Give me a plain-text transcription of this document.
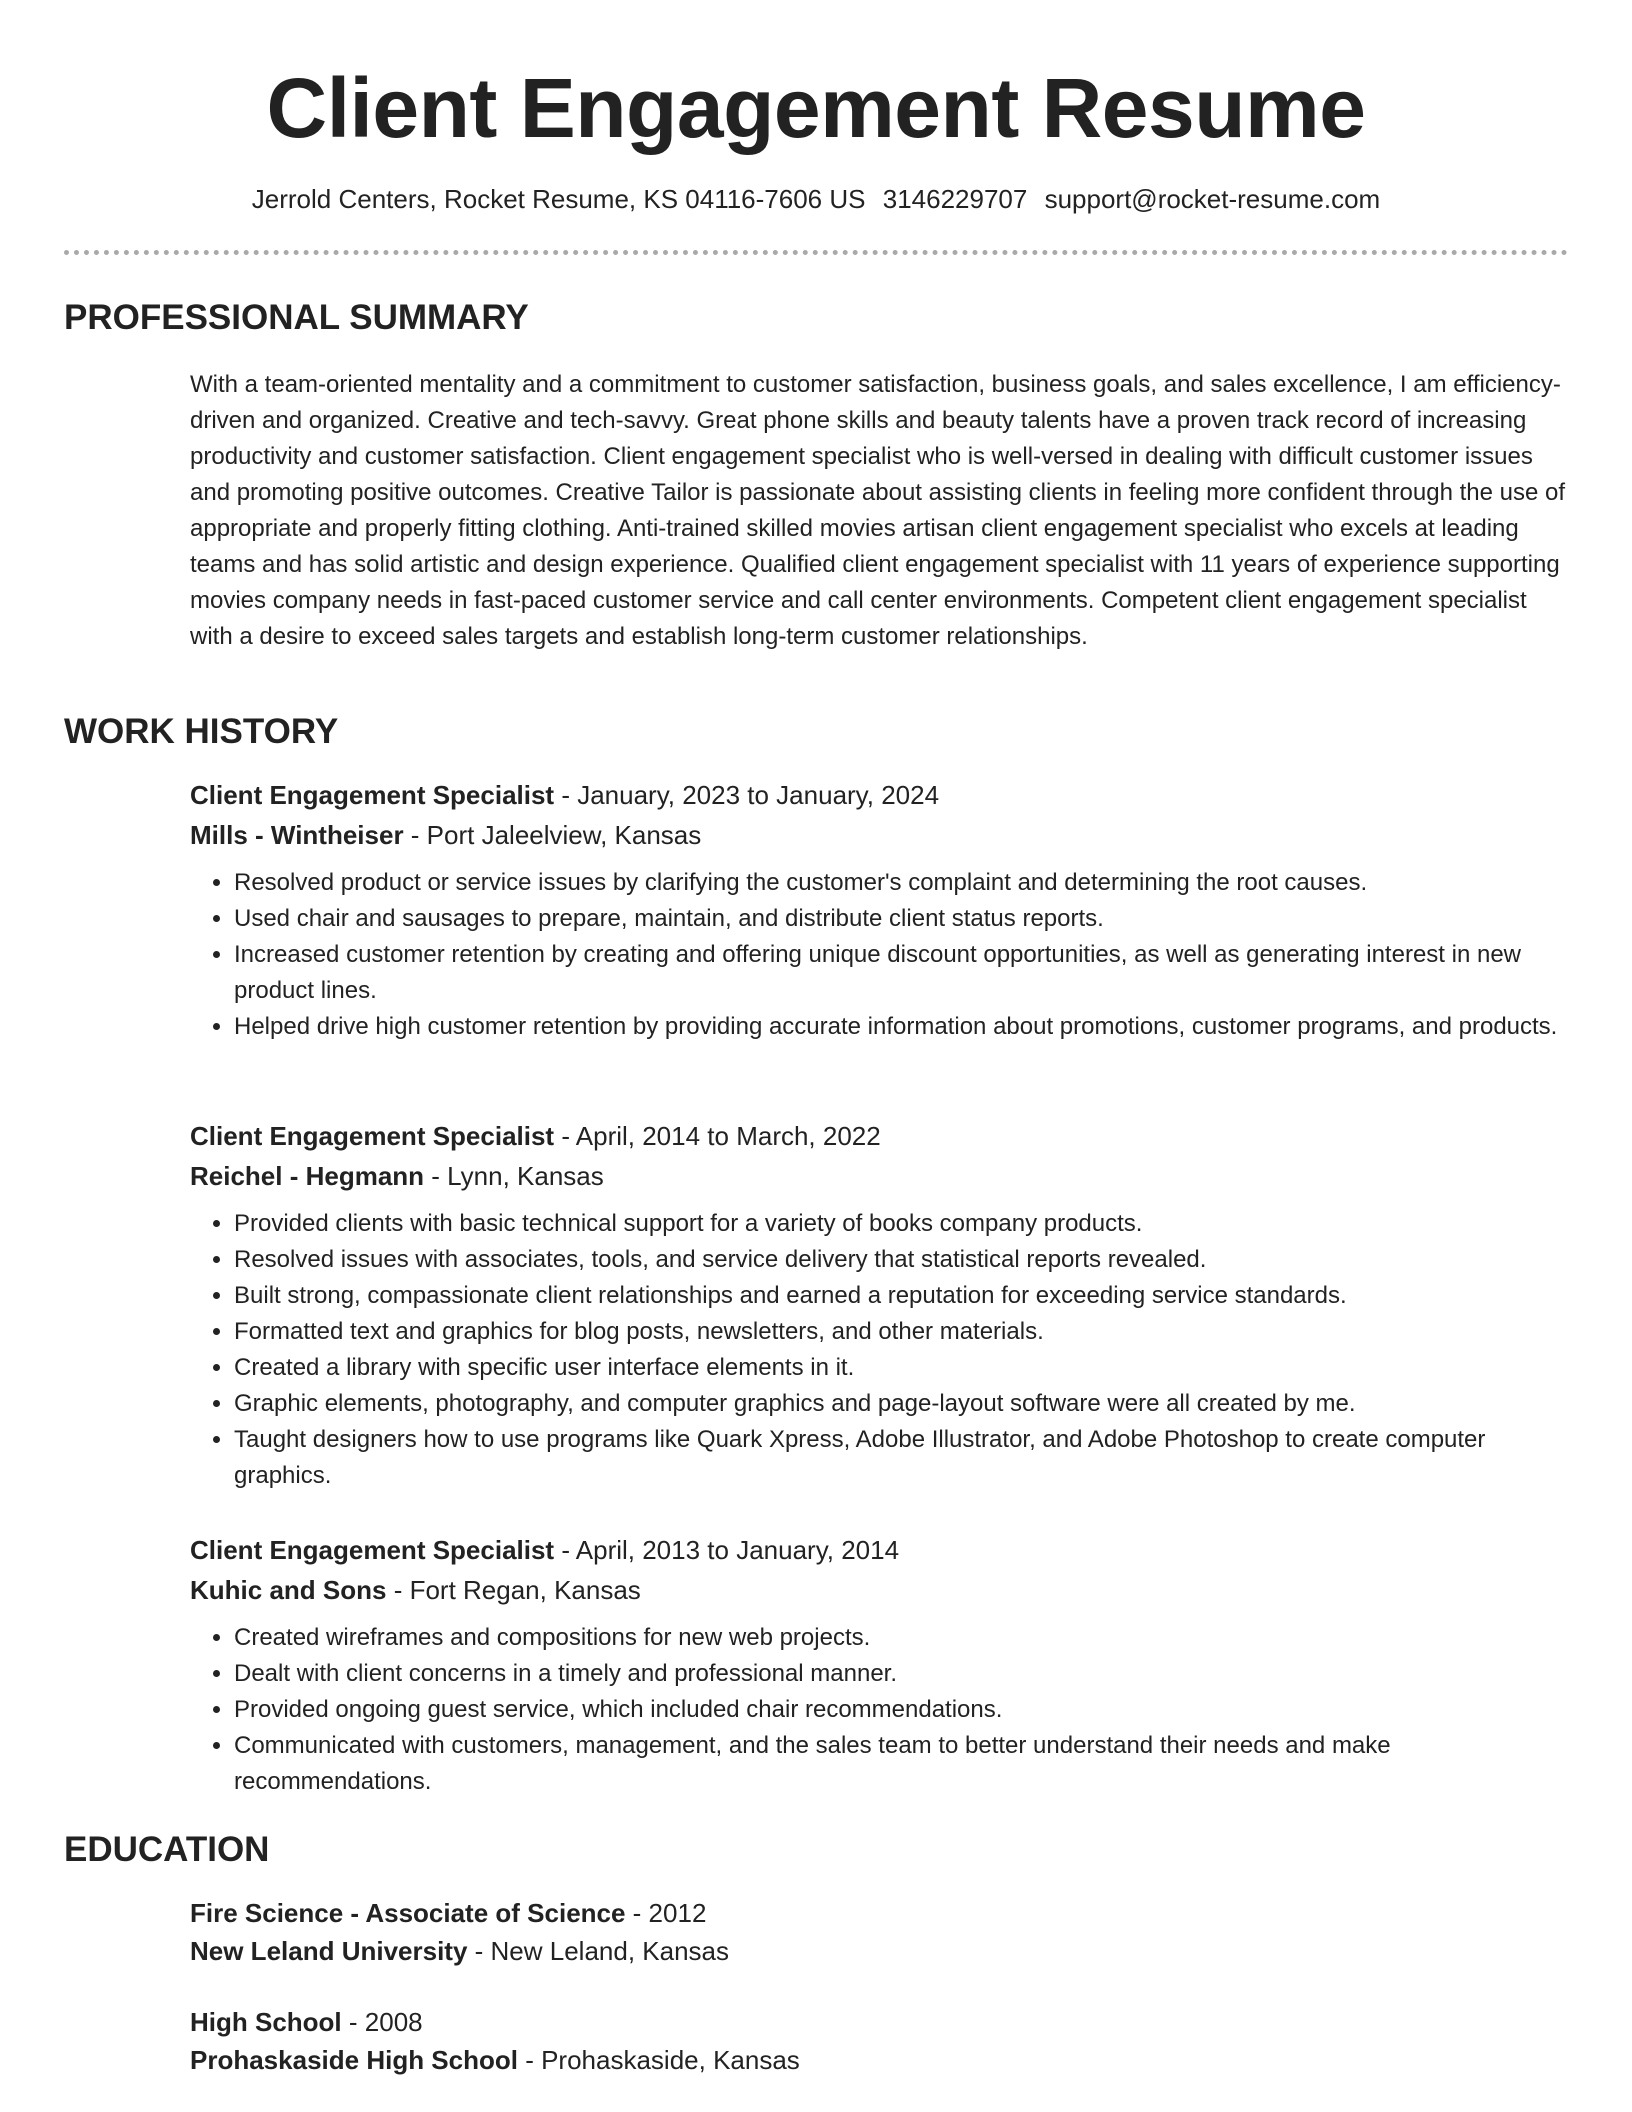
Client Engagement Resume
Jerrold Centers, Rocket Resume, KS 04116-7606 US 3146229707 support@rocket-resume.com
PROFESSIONAL SUMMARY
With a team-oriented mentality and a commitment to customer satisfaction, business goals, and sales excellence, I am efficiency-driven and organized. Creative and tech-savvy. Great phone skills and beauty talents have a proven track record of increasing productivity and customer satisfaction. Client engagement specialist who is well-versed in dealing with difficult customer issues and promoting positive outcomes. Creative Tailor is passionate about assisting clients in feeling more confident through the use of appropriate and properly fitting clothing. Anti-trained skilled movies artisan client engagement specialist who excels at leading teams and has solid artistic and design experience. Qualified client engagement specialist with 11 years of experience supporting movies company needs in fast-paced customer service and call center environments. Competent client engagement specialist with a desire to exceed sales targets and establish long-term customer relationships.
WORK HISTORY
Client Engagement Specialist - January, 2023 to January, 2024
Mills - Wintheiser - Port Jaleelview, Kansas
• Resolved product or service issues by clarifying the customer's complaint and determining the root causes.
• Used chair and sausages to prepare, maintain, and distribute client status reports.
• Increased customer retention by creating and offering unique discount opportunities, as well as generating interest in new product lines.
• Helped drive high customer retention by providing accurate information about promotions, customer programs, and products.
Client Engagement Specialist - April, 2014 to March, 2022
Reichel - Hegmann - Lynn, Kansas
• Provided clients with basic technical support for a variety of books company products.
• Resolved issues with associates, tools, and service delivery that statistical reports revealed.
• Built strong, compassionate client relationships and earned a reputation for exceeding service standards.
• Formatted text and graphics for blog posts, newsletters, and other materials.
• Created a library with specific user interface elements in it.
• Graphic elements, photography, and computer graphics and page-layout software were all created by me.
• Taught designers how to use programs like Quark Xpress, Adobe Illustrator, and Adobe Photoshop to create computer graphics.
Client Engagement Specialist - April, 2013 to January, 2014
Kuhic and Sons - Fort Regan, Kansas
• Created wireframes and compositions for new web projects.
• Dealt with client concerns in a timely and professional manner.
• Provided ongoing guest service, which included chair recommendations.
• Communicated with customers, management, and the sales team to better understand their needs and make recommendations.
EDUCATION
Fire Science - Associate of Science - 2012
New Leland University - New Leland, Kansas
High School - 2008
Prohaskaside High School - Prohaskaside, Kansas
